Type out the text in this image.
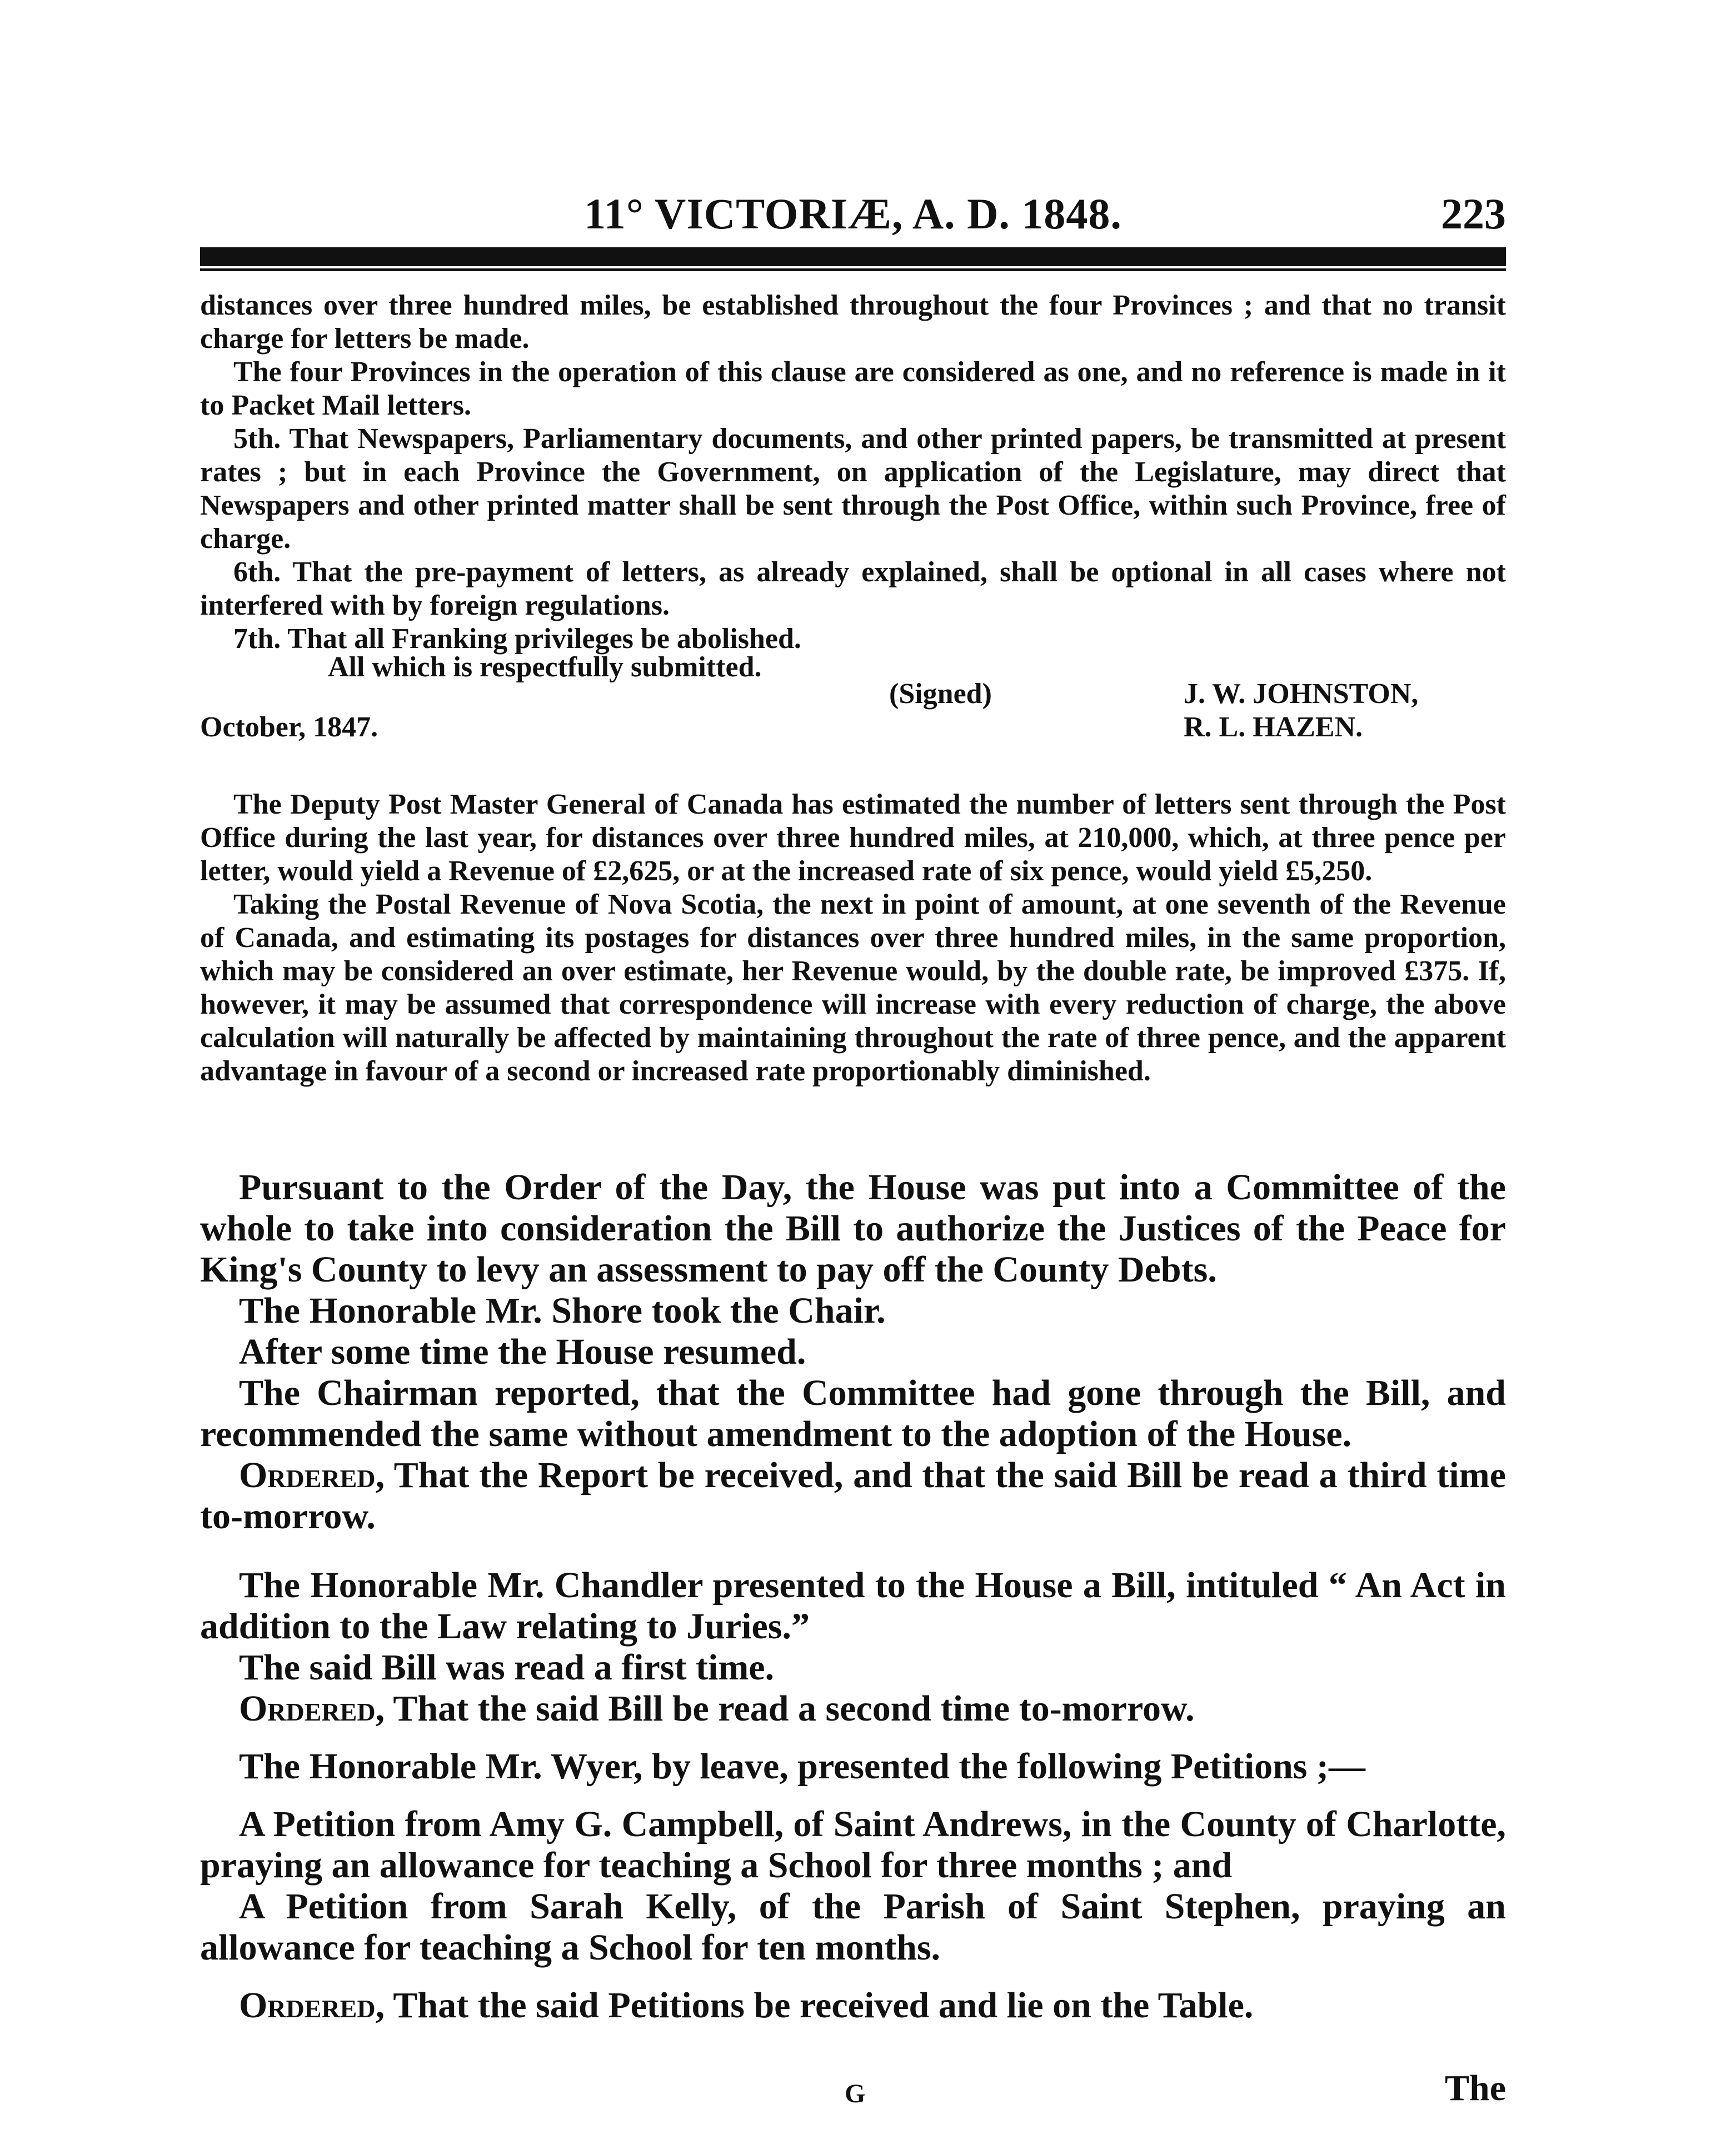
11° VICTORIÆ, A. D. 1848.	223

distances over three hundred miles, be established throughout the four Provinces ; and that no transit charge for letters be made.

The four Provinces in the operation of this clause are considered as one, and no reference is made in it to Packet Mail letters.

5th. That Newspapers, Parliamentary documents, and other printed papers, be transmitted at present rates ; but in each Province the Government, on application of the Legislature, may direct that Newspapers and other printed matter shall be sent through the Post Office, within such Province, free of charge.

6th. That the pre-payment of letters, as already explained, shall be optional in all cases where not interfered with by foreign regulations.

7th. That all Franking privileges be abolished.

All which is respectfully submitted.
(Signed)	J. W. JOHNSTON,
October, 1847.	R. L. HAZEN.

The Deputy Post Master General of Canada has estimated the number of letters sent through the Post Office during the last year, for distances over three hundred miles, at 210,000, which, at three pence per letter, would yield a Revenue of £2,625, or at the increased rate of six pence, would yield £5,250.

Taking the Postal Revenue of Nova Scotia, the next in point of amount, at one seventh of the Revenue of Canada, and estimating its postages for distances over three hundred miles, in the same proportion, which may be considered an over estimate, her Revenue would, by the double rate, be improved £375. If, however, it may be assumed that correspondence will increase with every reduction of charge, the above calculation will naturally be affected by maintaining throughout the rate of three pence, and the apparent advantage in favour of a second or increased rate proportionably diminished.

Pursuant to the Order of the Day, the House was put into a Committee of the whole to take into consideration the Bill to authorize the Justices of the Peace for King's County to levy an assessment to pay off the County Debts.

The Honorable Mr. Shore took the Chair.

After some time the House resumed.

The Chairman reported, that the Committee had gone through the Bill, and recommended the same without amendment to the adoption of the House.

Ordered, That the Report be received, and that the said Bill be read a third time to-morrow.

The Honorable Mr. Chandler presented to the House a Bill, intituled “ An Act in addition to the Law relating to Juries.”

The said Bill was read a first time.

Ordered, That the said Bill be read a second time to-morrow.

The Honorable Mr. Wyer, by leave, presented the following Petitions ;—

A Petition from Amy G. Campbell, of Saint Andrews, in the County of Charlotte, praying an allowance for teaching a School for three months ; and

A Petition from Sarah Kelly, of the Parish of Saint Stephen, praying an allowance for teaching a School for ten months.

Ordered, That the said Petitions be received and lie on the Table.

G	The
